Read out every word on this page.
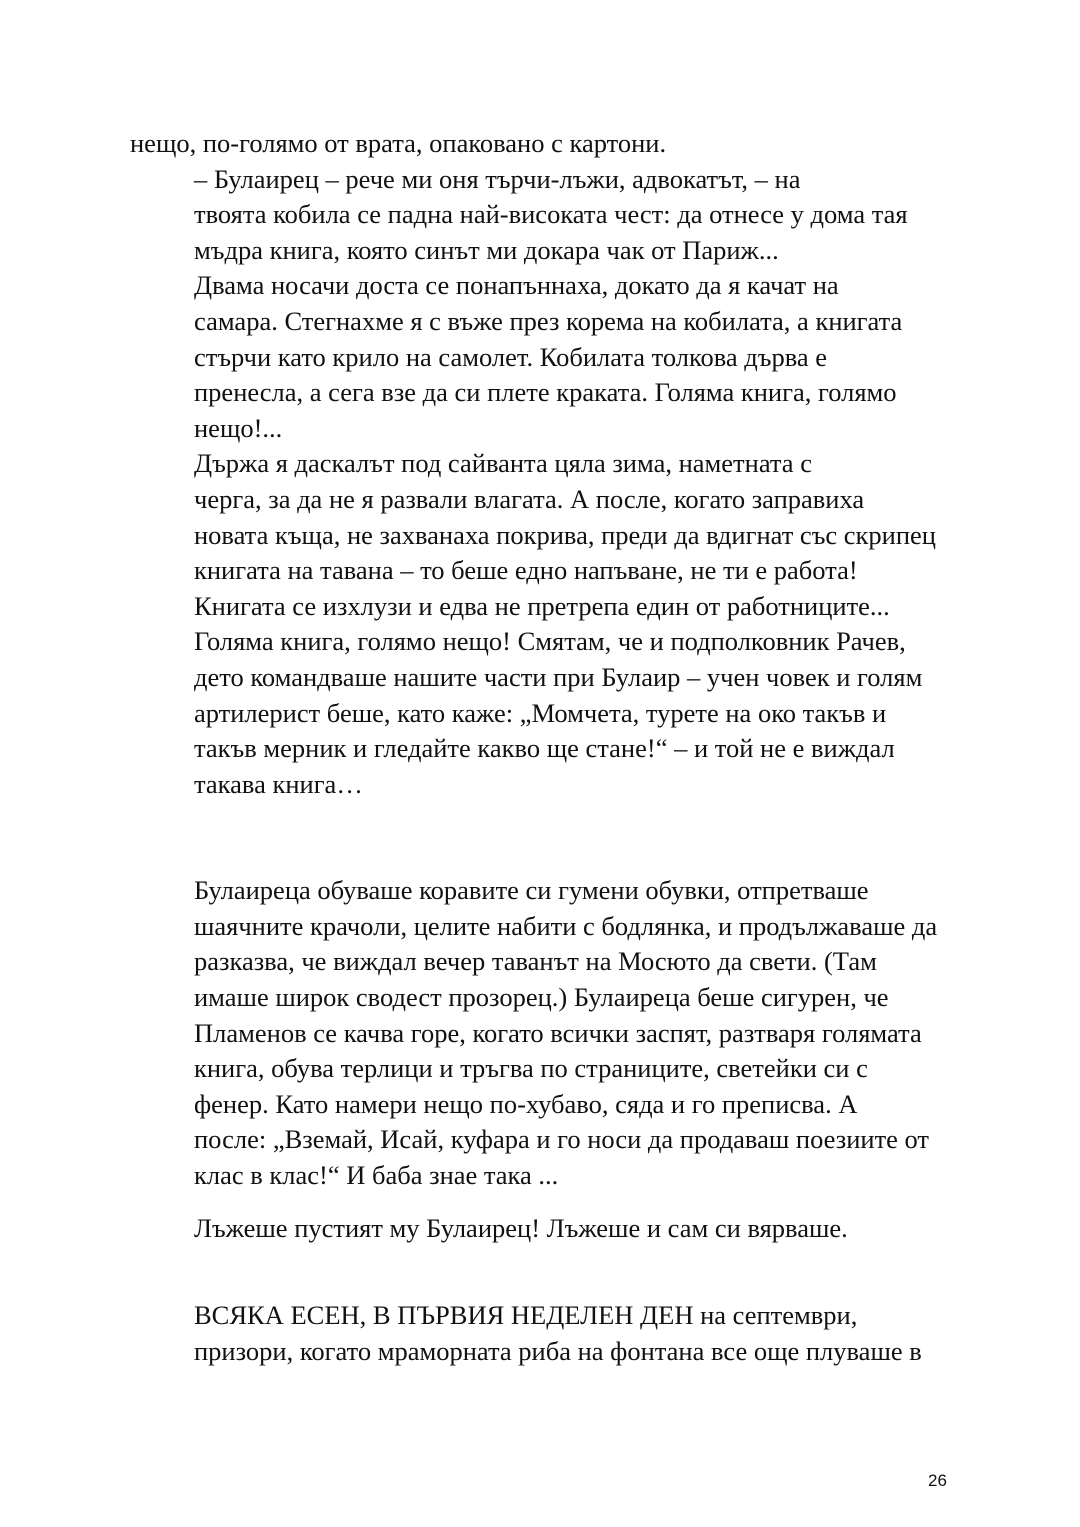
нещо, по-голямо от врата, опаковано с картони.

– Булаирец – рече ми оня търчи-лъжи, адвокатът, – на
твоята кобила се падна най-високата чест: да отнесе у дома тая
мъдра книга, която синът ми докара чак от Париж...

Двама носачи доста се понапъннаха, докато да я качат на
самара. Стегнахме я с въже през корема на кобилата, а книгата
стърчи като крило на самолет. Кобилата толкова дърва е
пренесла, а сега взе да си плете краката. Голяма книга, голямо
нещо!...

Държа я даскалът под сайванта цяла зима, наметната с
черга, за да не я развали влагата. А после, когато заправиха
новата къща, не захванаха покрива, преди да вдигнат със скрипец
книгата на тавана – то беше едно напъване, не ти е работа!
Книгата се изхлузи и едва не претрепа един от работниците...
Голяма книга, голямо нещо! Смятам, че и подполковник Рачев,
дето командваше нашите части при Булаир – учен човек и голям
артилерист беше, като каже: „Момчета, турете на око такъв и
такъв мерник и гледайте какво ще стане!“ – и той не е виждал
такава книга…

Булаиреца обуваше коравите си гумени обувки, отпретваше
шаячните крачоли, целите набити с бодлянка, и продължаваше да
разказва, че виждал вечер таванът на Мосюто да свети. (Там
имаше широк сводест прозорец.) Булаиреца беше сигурен, че
Пламенов се качва горе, когато всички заспят, разтваря голямата
книга, обува терлици и тръгва по страниците, светейки си с
фенер. Като намери нещо по-хубаво, сяда и го преписва. А
после: „Вземай, Исай, куфара и го носи да продаваш поезиите от
клас в клас!“ И баба знае така ...

Лъжеше пустият му Булаирец! Лъжеше и сам си вярваше.

ВСЯКА ЕСЕН, В ПЪРВИЯ НЕДЕЛЕН ДЕН на септември,
призори, когато мраморната риба на фонтана все още плуваше в

26
